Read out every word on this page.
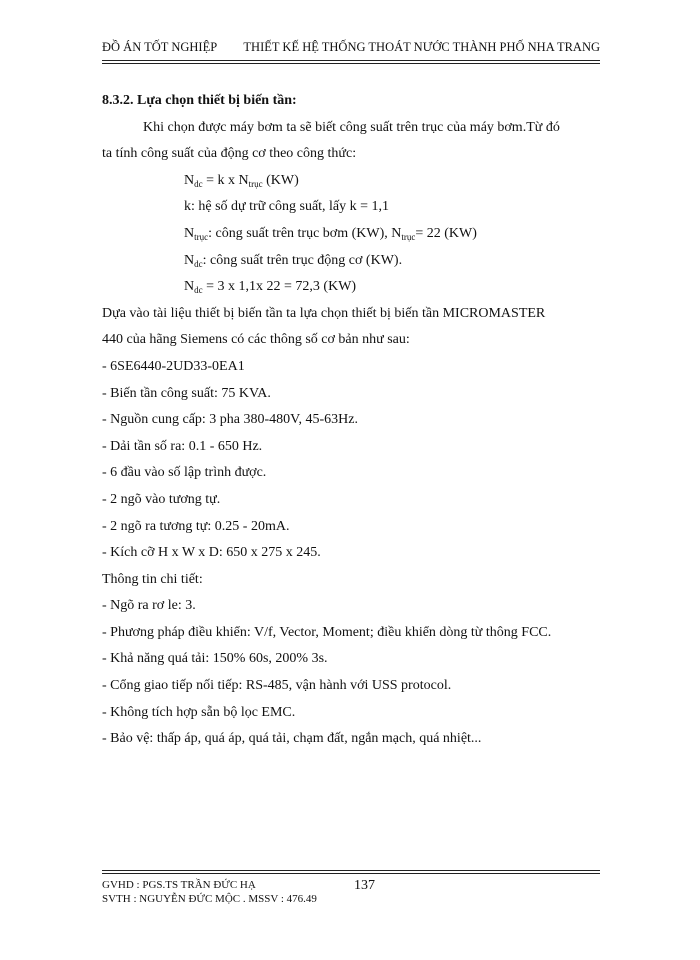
ĐỒ ÁN TỐT NGHIỆP THIẾT KẾ HỆ THỐNG THOÁT NƯỚC THÀNH PHỐ NHA TRANG
8.3.2. Lựa chọn thiết bị biến tần:
Khi chọn được máy bơm ta sẽ biết công suất trên trục của máy bơm.Từ đó
ta tính công suất của động cơ theo công thức:
$N_{dc} = k$ x $N_{trục}$ (KW)
k: hệ số dự trữ công suất, lấy k = 1,1
$N_{trục}$: công suất trên trục bơm (KW), $N_{trục}= 22$ (KW)
$N_{dc}$: công suất trên trục động cơ (KW).
$N_{dc} = 3$ x 1,1x 22 = 72,3 (KW)
Dựa vào tài liệu thiết bị biến tần ta lựa chọn thiết bị biến tần MICROMASTER
440 của hãng Siemens có các thông số cơ bản như sau:
- 6SE6440-2UD33-0EA1
- Biến tần công suất: 75 KVA.
- Nguồn cung cấp: 3 pha 380-480V, 45-63Hz.
- Dải tần số ra: 0.1 - 650 Hz.
- 6 đầu vào số lập trình được.
- 2 ngõ vào tương tự.
- 2 ngõ ra tương tự: 0.25 - 20mA.
- Kích cỡ H x W x D: 650 x 275 x 245.
Thông tin chi tiết:
- Ngõ ra rơ le: 3.
- Phương pháp điều khiển: V/f, Vector, Moment; điều khiển dòng từ thông FCC.
- Khả năng quá tải: 150% 60s, 200% 3s.
- Cổng giao tiếp nối tiếp: RS-485, vận hành với USS protocol.
- Không tích hợp sẵn bộ lọc EMC.
- Bảo vệ: thấp áp, quá áp, quá tải, chạm đất, ngắn mạch, quá nhiệt...
GVHD : PGS.TS TRẦN ĐỨC HẠ
SVTH : NGUYỄN ĐỨC MỘC . MSSV : 476.49
137
